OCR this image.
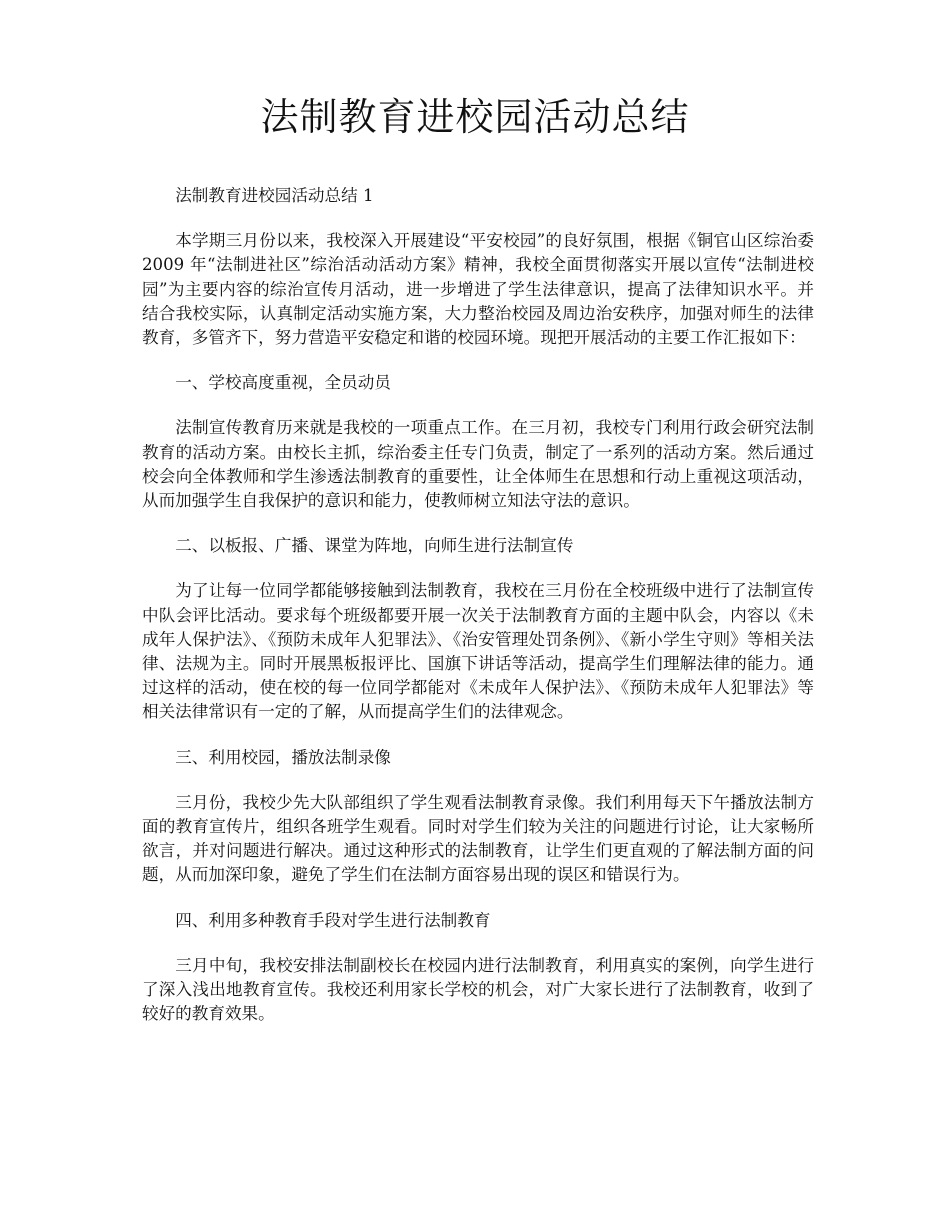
法制教育进校园活动总结

法制教育进校园活动总结 1

本学期三月份以来，我校深入开展建设“平安校园”的良好氛围，根据《铜官山区综治委 2009 年“法制进社区”综治活动活动方案》精神，我校全面贯彻落实开展以宣传“法制进校园”为主要内容的综治宣传月活动，进一步增进了学生法律意识，提高了法律知识水平。并结合我校实际，认真制定活动实施方案，大力整治校园及周边治安秩序，加强对师生的法律教育，多管齐下，努力营造平安稳定和谐的校园环境。现把开展活动的主要工作汇报如下：

一、学校高度重视，全员动员

法制宣传教育历来就是我校的一项重点工作。在三月初，我校专门利用行政会研究法制教育的活动方案。由校长主抓，综治委主任专门负责，制定了一系列的活动方案。然后通过校会向全体教师和学生渗透法制教育的重要性，让全体师生在思想和行动上重视这项活动，从而加强学生自我保护的意识和能力，使教师树立知法守法的意识。

二、以板报、广播、课堂为阵地，向师生进行法制宣传

为了让每一位同学都能够接触到法制教育，我校在三月份在全校班级中进行了法制宣传中队会评比活动。要求每个班级都要开展一次关于法制教育方面的主题中队会，内容以《未成年人保护法》、《预防未成年人犯罪法》、《治安管理处罚条例》、《新小学生守则》等相关法律、法规为主。同时开展黑板报评比、国旗下讲话等活动，提高学生们理解法律的能力。通过这样的活动，使在校的每一位同学都能对《未成年人保护法》、《预防未成年人犯罪法》等相关法律常识有一定的了解，从而提高学生们的法律观念。

三、利用校园，播放法制录像

三月份，我校少先大队部组织了学生观看法制教育录像。我们利用每天下午播放法制方面的教育宣传片，组织各班学生观看。同时对学生们较为关注的问题进行讨论，让大家畅所欲言，并对问题进行解决。通过这种形式的法制教育，让学生们更直观的了解法制方面的问题，从而加深印象，避免了学生们在法制方面容易出现的误区和错误行为。

四、利用多种教育手段对学生进行法制教育

三月中旬，我校安排法制副校长在校园内进行法制教育，利用真实的案例，向学生进行了深入浅出地教育宣传。我校还利用家长学校的机会，对广大家长进行了法制教育，收到了较好的教育效果。
